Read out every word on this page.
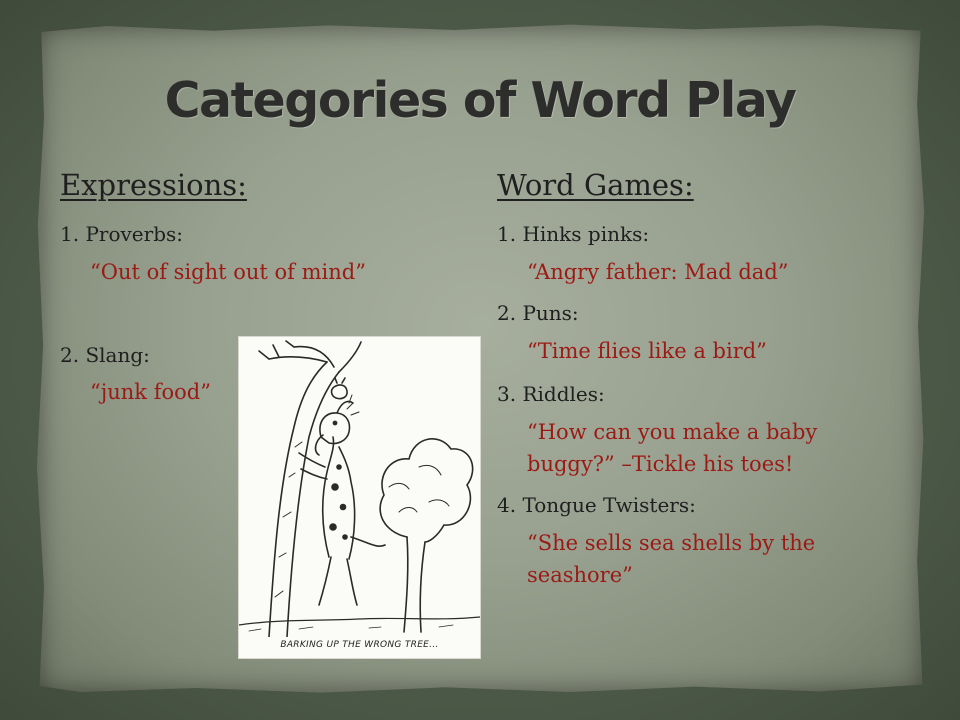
Categories of Word Play
Expressions:
1. Proverbs:
“Out of sight out of mind”
2. Slang:
“junk food”
BARKING UP THE WRONG TREE...
Word Games:
1. Hinks pinks:
“Angry father: Mad dad”
2. Puns:
“Time flies like a bird”
3. Riddles:
“How can you make a baby
buggy?” –Tickle his toes!
4. Tongue Twisters:
“She sells sea shells by the
seashore”
